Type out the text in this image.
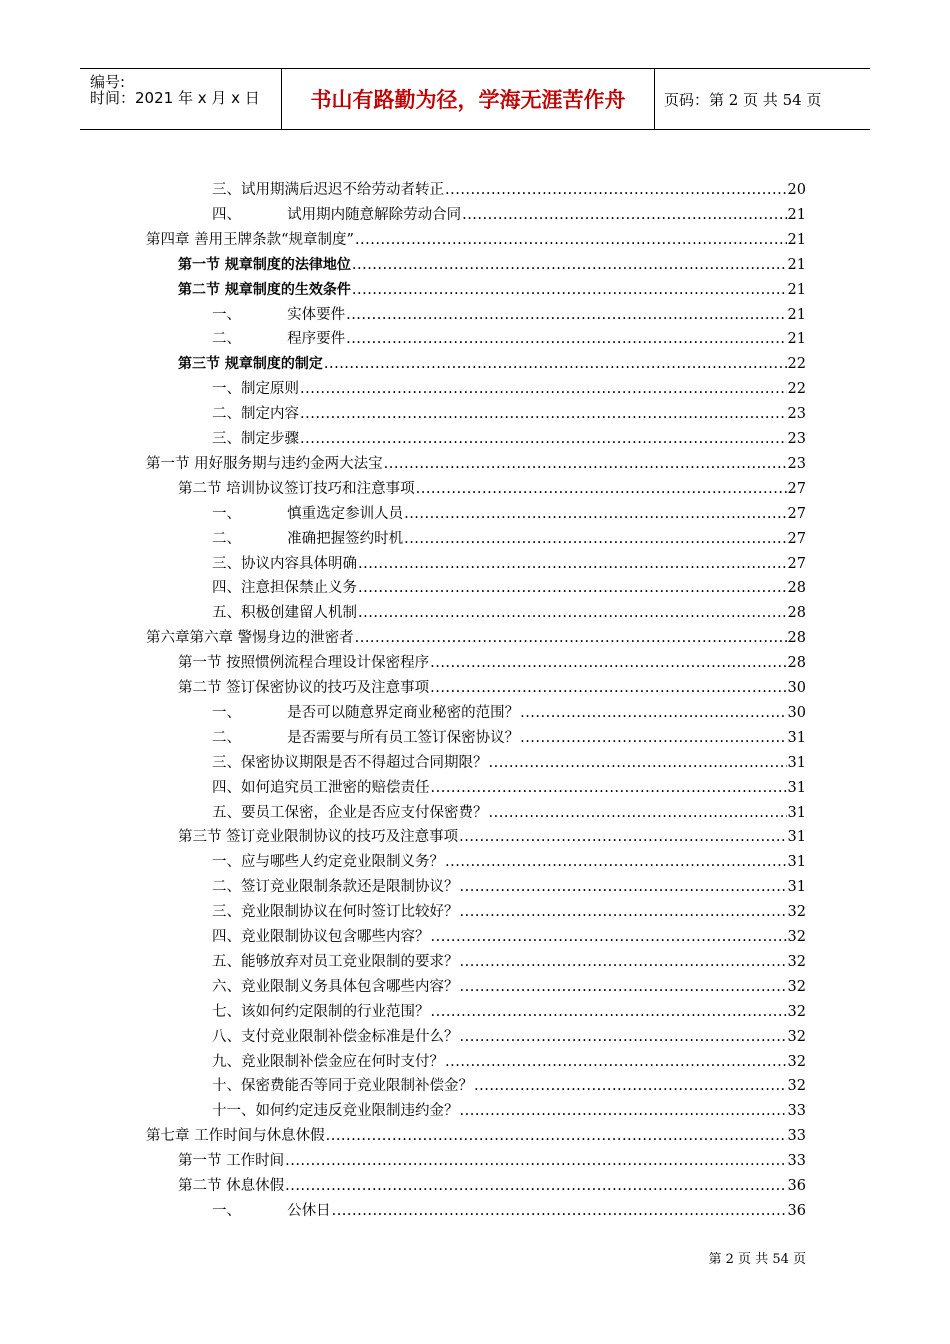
编号:
时间：2021 年 x 月 x 日 书山有路勤为径，学海无涯苦作舟	页码：第 2 页 共 54 页
三、试用期满后迟迟不给劳动者转正 .....	20
四、          试用期内随意解除劳动合同 .....	21
第四章 善用王牌条款“规章制度” .....	21
第一节 规章制度的法律地位 .....	21
第二节 规章制度的生效条件 .....	21
一、          实体要件 .....	21
二、          程序要件 .....	21
第三节 规章制度的制定 .....	22
一、制定原则 .....	22
二、制定内容 .....	23
三、制定步骤 .....	23
第一节 用好服务期与违约金两大法宝 .....	23
第二节 培训协议签订技巧和注意事项 .....	27
一、          慎重选定参训人员 .....	27
二、          准确把握签约时机 .....	27
三、协议内容具体明确 .....	27
四、注意担保禁止义务 .....	28
五、积极创建留人机制 .....	28
第六章第六章 警惕身边的泄密者 .....	28
第一节 按照惯例流程合理设计保密程序 .....	28
第二节 签订保密协议的技巧及注意事项 .....	30
一、          是否可以随意界定商业秘密的范围？ .....	30
二、          是否需要与所有员工签订保密协议？ .....	31
三、保密协议期限是否不得超过合同期限？ .....	31
四、如何追究员工泄密的赔偿责任 .....	31
五、要员工保密，企业是否应支付保密费？ .....	31
第三节 签订竞业限制协议的技巧及注意事项 .....	31
一、应与哪些人约定竞业限制义务？ .....	31
二、签订竞业限制条款还是限制协议？ .....	31
三、竞业限制协议在何时签订比较好？ .....	32
四、竞业限制协议包含哪些内容？ .....	32
五、能够放弃对员工竞业限制的要求？ .....	32
六、竞业限制义务具体包含哪些内容？ .....	32
七、该如何约定限制的行业范围？ .....	32
八、支付竞业限制补偿金标准是什么？ .....	32
九、竞业限制补偿金应在何时支付？ .....	32
十、保密费能否等同于竞业限制补偿金？ .....	32
十一、如何约定违反竞业限制违约金？ .....	33
第七章 工作时间与休息休假 .....	33
第一节 工作时间 .....	33
第二节 休息休假 .....	36
一、          公休日 .....	36
第 2 页 共 54 页
